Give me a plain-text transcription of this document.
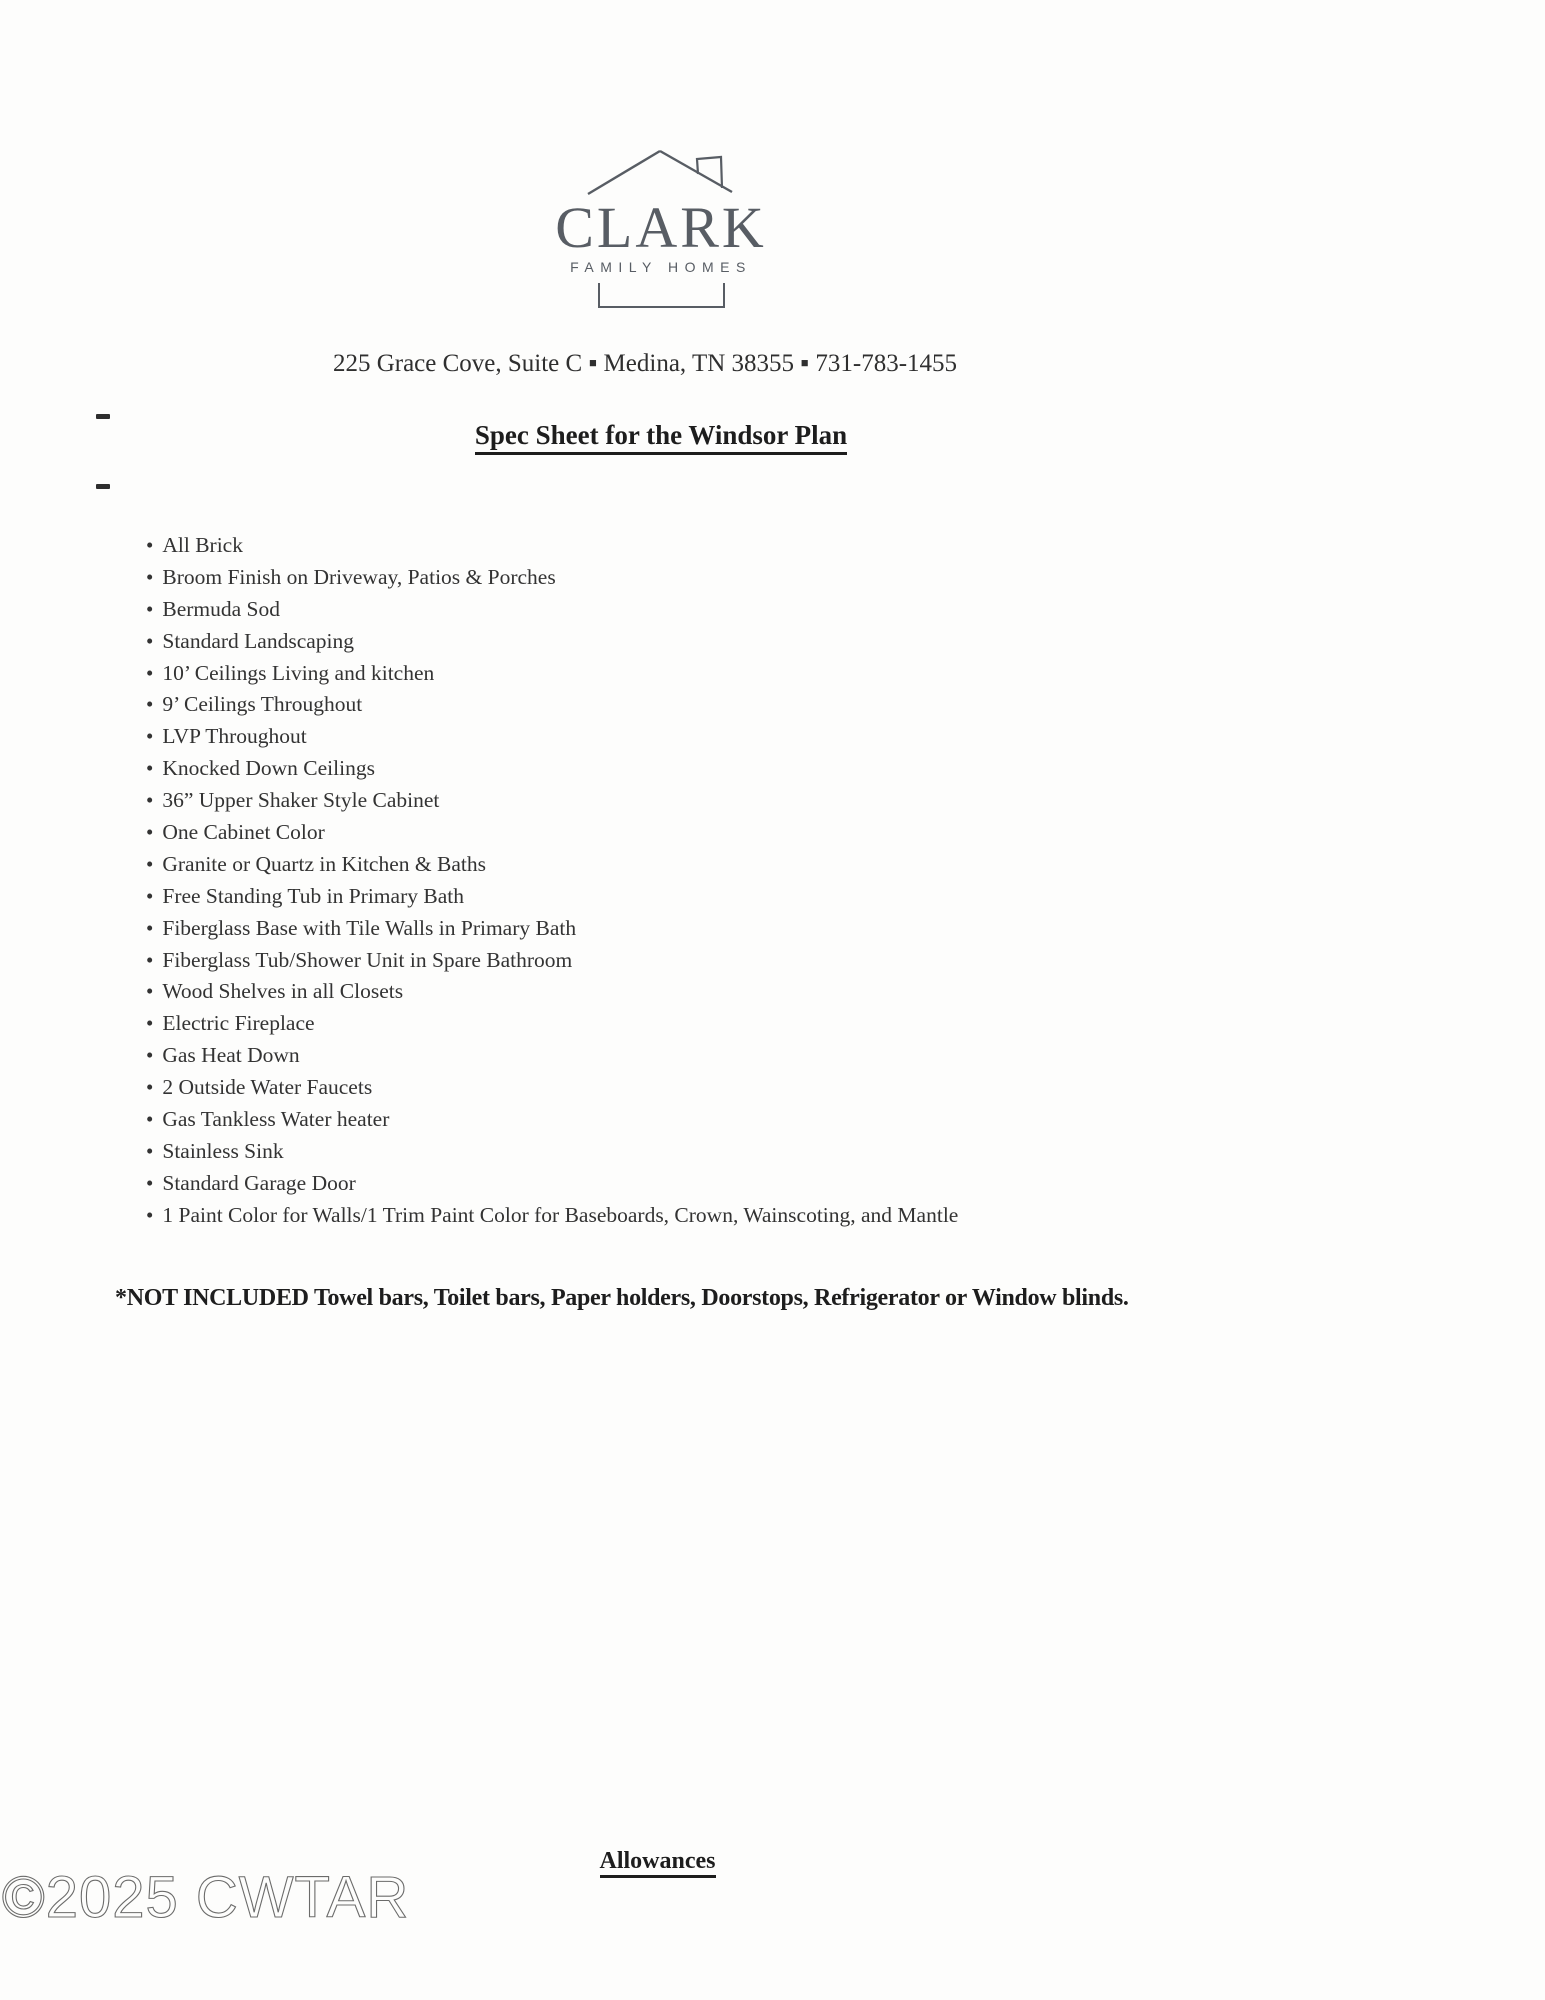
CLARK
FAMILY HOMES
225 Grace Cove, Suite C ▪ Medina, TN 38355 ▪ 731-783-1455
Spec Sheet for the Windsor Plan
• All Brick
• Broom Finish on Driveway, Patios & Porches
• Bermuda Sod
• Standard Landscaping
• 10’ Ceilings Living and kitchen
• 9’ Ceilings Throughout
• LVP Throughout
• Knocked Down Ceilings
• 36” Upper Shaker Style Cabinet
• One Cabinet Color
• Granite or Quartz in Kitchen & Baths
• Free Standing Tub in Primary Bath
• Fiberglass Base with Tile Walls in Primary Bath
• Fiberglass Tub/Shower Unit in Spare Bathroom
• Wood Shelves in all Closets
• Electric Fireplace
• Gas Heat Down
• 2 Outside Water Faucets
• Gas Tankless Water heater
• Stainless Sink
• Standard Garage Door
• 1 Paint Color for Walls/1 Trim Paint Color for Baseboards, Crown, Wainscoting, and Mantle
*NOT INCLUDED Towel bars, Toilet bars, Paper holders, Doorstops, Refrigerator or Window blinds.
Allowances
©2025 CWTAR
